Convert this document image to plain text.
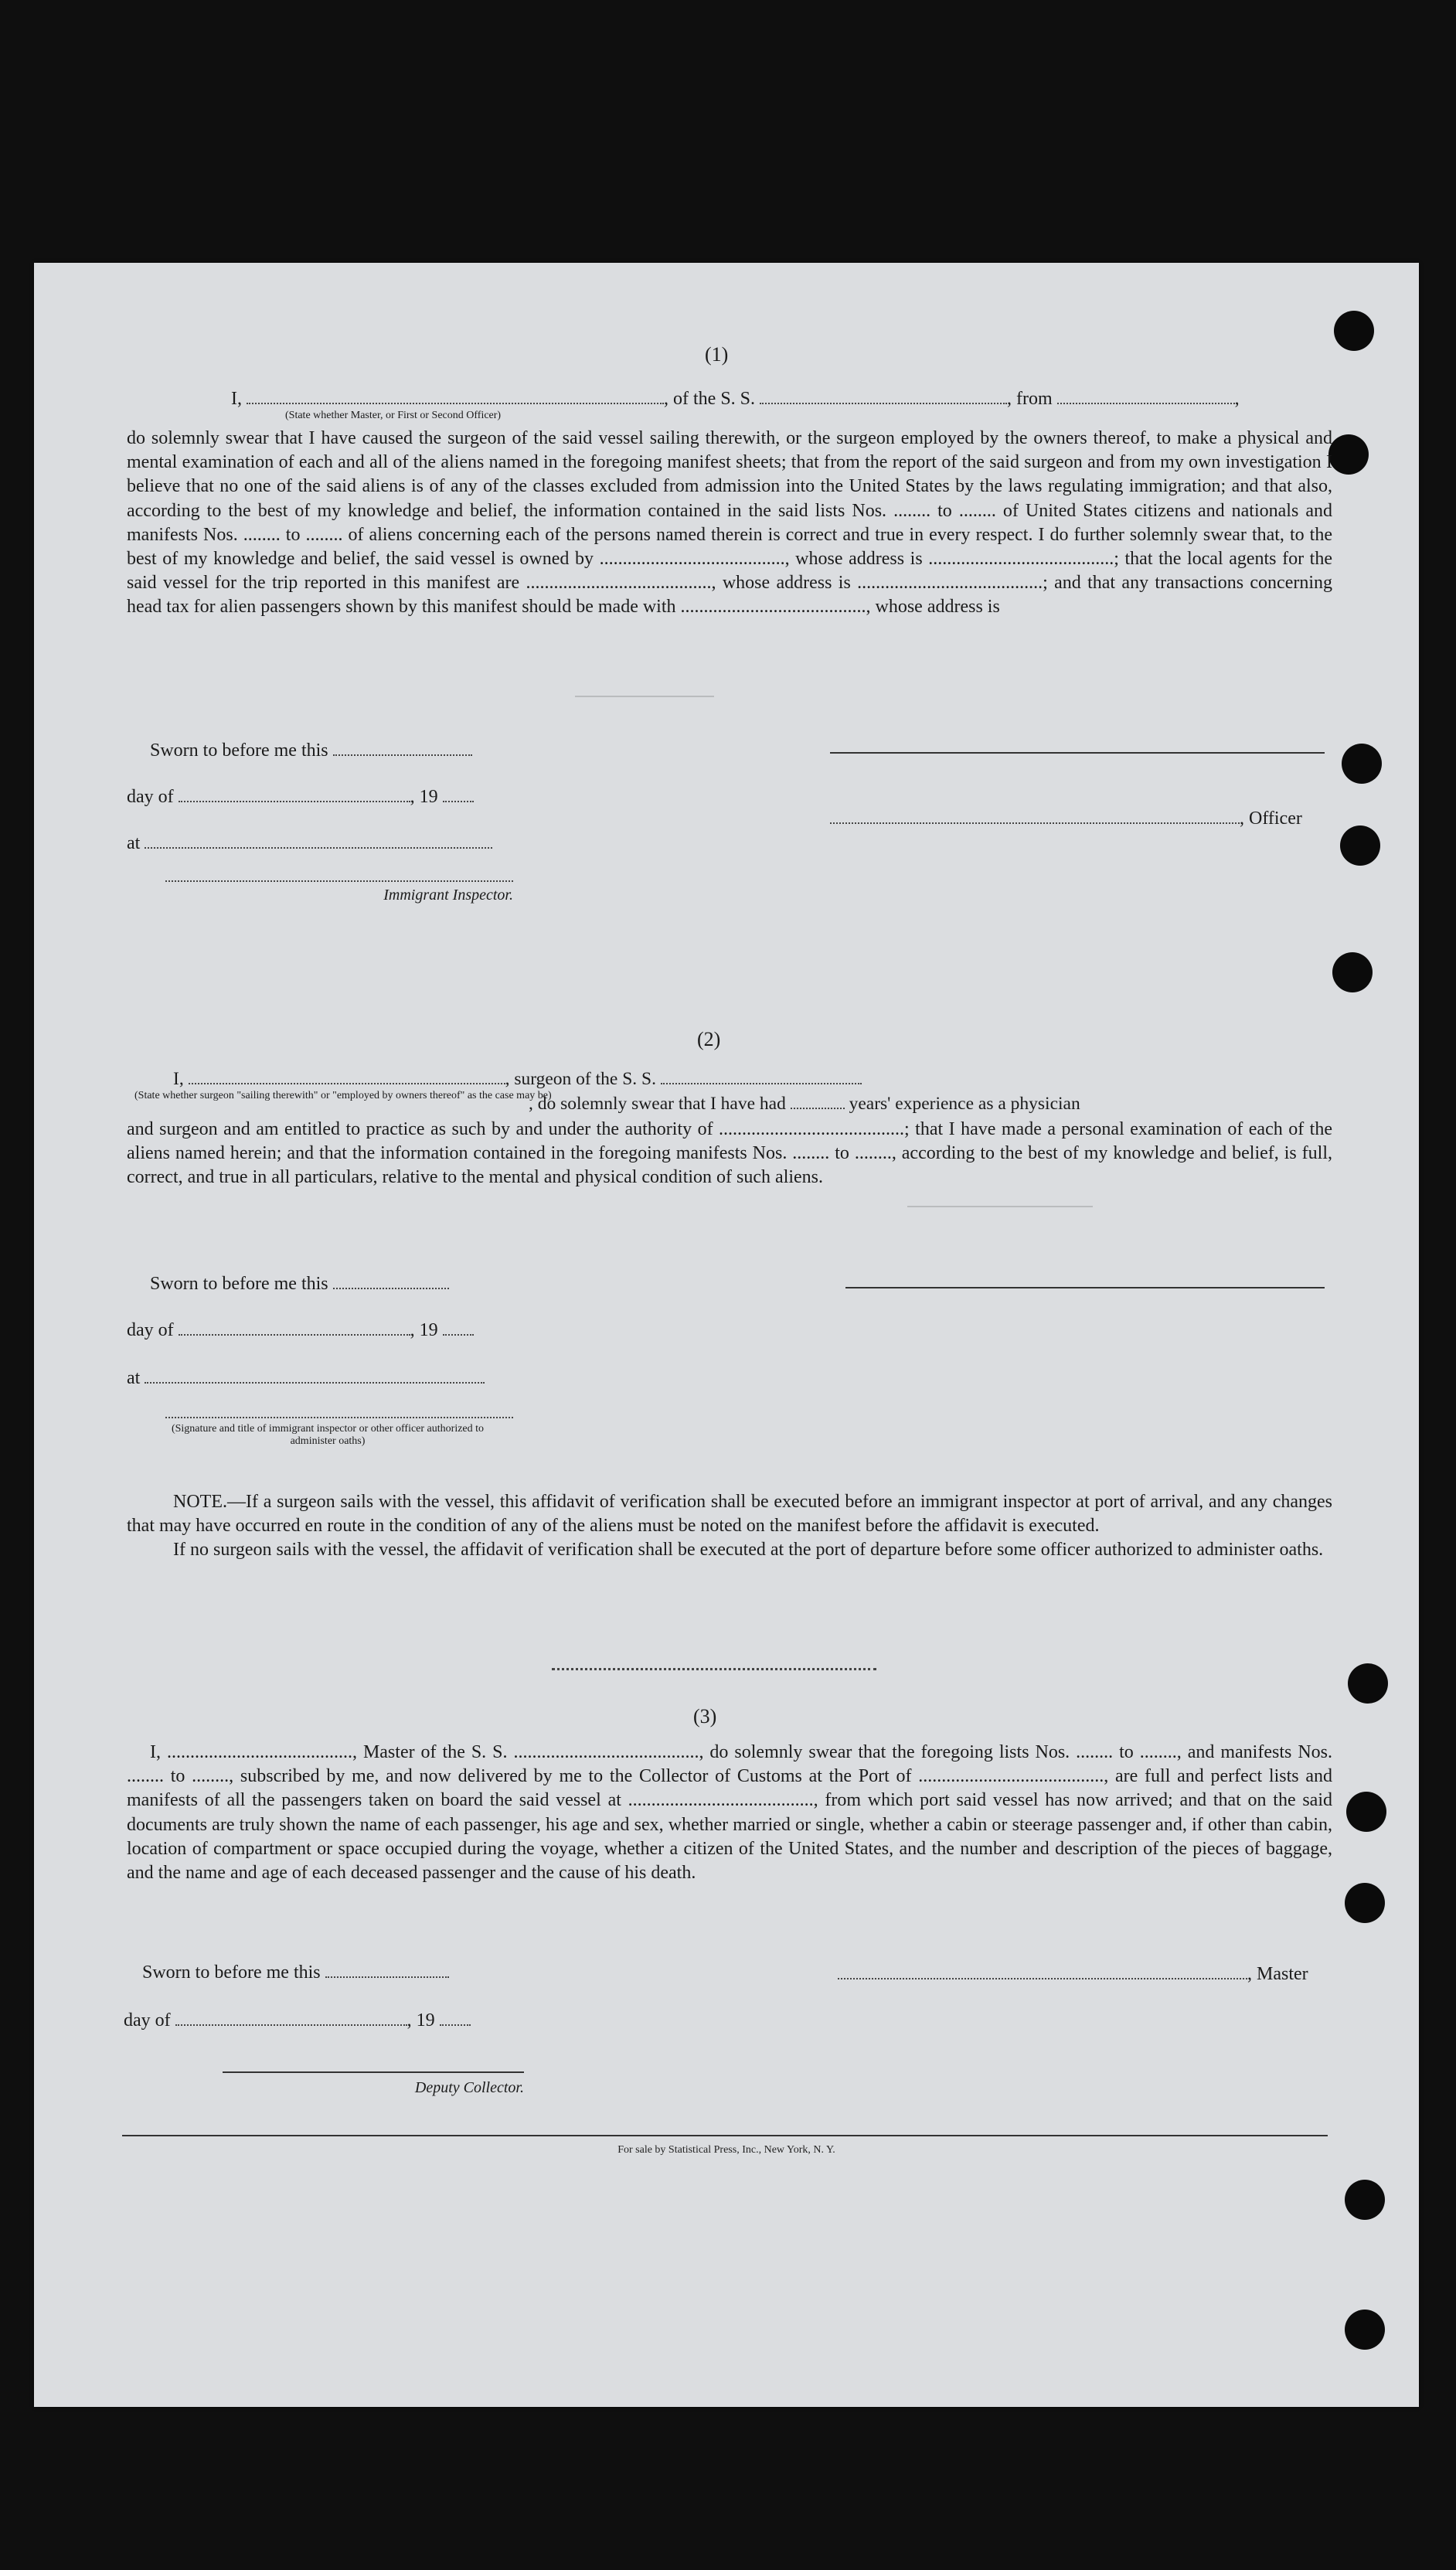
(1)
I,	, of the S. S.	, from	,
(State whether Master, or First or Second Officer)
do solemnly swear that I have caused the surgeon of the said vessel sailing therewith, or the surgeon employed by the owners thereof, to make a physical and mental examination of each and all of the aliens named in the foregoing manifest sheets; that from the report of the said surgeon and from my own investigation I believe that no one of the said aliens is of any of the classes excluded from admission into the United States by the laws regulating immigration; and that also, according to the best of my knowledge and belief, the information contained in the said lists Nos. ........ to ........ of United States citizens and nationals and manifests Nos. ........ to ........ of aliens concerning each of the persons named therein is correct and true in every respect. I do further solemnly swear that, to the best of my knowledge and belief, the said vessel is owned by ........................................, whose address is ........................................; that the local agents for the said vessel for the trip reported in this manifest are ........................................, whose address is ........................................; and that any transactions concerning head tax for alien passengers shown by this manifest should be made with ........................................, whose address is
Sworn to before me this
day of	, 19
at
Immigrant Inspector.
, Officer
(2)
I,	, surgeon of the S. S.
, do solemnly swear that I have had	years' experience as a physician
(State whether surgeon "sailing therewith" or "employed by owners thereof" as the case may be)
and surgeon and am entitled to practice as such by and under the authority of ........................................; that I have made a personal examination of each of the aliens named herein; and that the information contained in the foregoing manifests Nos. ........ to ........, according to the best of my knowledge and belief, is full, correct, and true in all particulars, relative to the mental and physical condition of such aliens.
Sworn to before me this
day of	, 19
at
(Signature and title of immigrant inspector or other officer authorized to administer oaths)
NOTE.—If a surgeon sails with the vessel, this affidavit of verification shall be executed before an immigrant inspector at port of arrival, and any changes that may have occurred en route in the condition of any of the aliens must be noted on the manifest before the affidavit is executed.
If no surgeon sails with the vessel, the affidavit of verification shall be executed at the port of departure before some officer authorized to administer oaths.
(3)
I, ........................................, Master of the S. S. ........................................, do solemnly swear that the foregoing lists Nos. ........ to ........, and manifests Nos. ........ to ........, subscribed by me, and now delivered by me to the Collector of Customs at the Port of ........................................, are full and perfect lists and manifests of all the passengers taken on board the said vessel at ........................................, from which port said vessel has now arrived; and that on the said documents are truly shown the name of each passenger, his age and sex, whether married or single, whether a cabin or steerage passenger and, if other than cabin, location of compartment or space occupied during the voyage, whether a citizen of the United States, and the number and description of the pieces of baggage, and the name and age of each deceased passenger and the cause of his death.
Sworn to before me this	, Master
day of	, 19
Deputy Collector.
For sale by Statistical Press, Inc., New York, N. Y.
